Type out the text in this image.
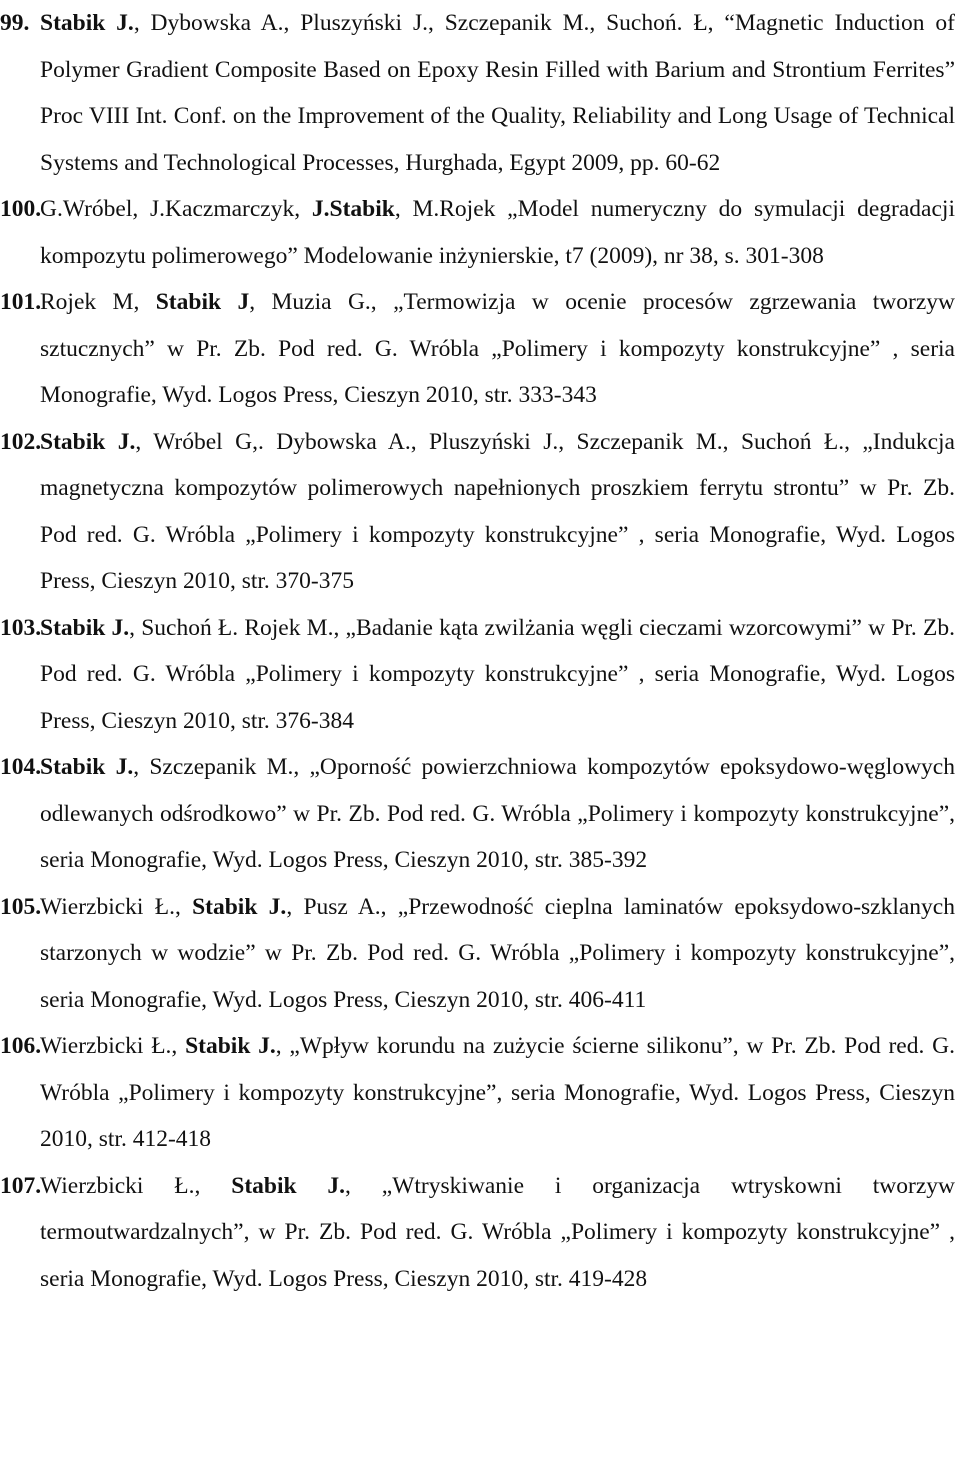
99. Stabik J., Dybowska A., Pluszyński J., Szczepanik M., Suchoń. Ł, “Magnetic Induction of Polymer Gradient Composite Based on Epoxy Resin Filled with Barium and Strontium Ferrites” Proc VIII Int. Conf. on the Improvement of the Quality, Reliability and Long Usage of Technical Systems and Technological Processes, Hurghada, Egypt 2009, pp. 60-62

100.G.Wróbel, J.Kaczmarczyk, J.Stabik, M.Rojek „Model numeryczny do symulacji degradacji kompozytu polimerowego” Modelowanie inżynierskie, t7 (2009), nr 38, s. 301-308

101.Rojek M, Stabik J, Muzia G., „Termowizja w ocenie procesów zgrzewania tworzyw sztucznych” w Pr. Zb. Pod red. G. Wróbla „Polimery i kompozyty konstrukcyjne” , seria Monografie, Wyd. Logos Press, Cieszyn 2010, str. 333-343

102.Stabik J., Wróbel G,. Dybowska A., Pluszyński J., Szczepanik M., Suchoń Ł., „Indukcja magnetyczna kompozytów polimerowych napełnionych proszkiem ferrytu strontu” w Pr. Zb. Pod red. G. Wróbla „Polimery i kompozyty konstrukcyjne” , seria Monografie, Wyd. Logos Press, Cieszyn 2010, str. 370-375

103.Stabik J., Suchoń Ł. Rojek M., „Badanie kąta zwilżania węgli cieczami wzorcowymi” w Pr. Zb. Pod red. G. Wróbla „Polimery i kompozyty konstrukcyjne” , seria Monografie, Wyd. Logos Press, Cieszyn 2010, str. 376-384

104.Stabik J., Szczepanik M., „Oporność powierzchniowa kompozytów epoksydowo-węglowych odlewanych odśrodkowo” w Pr. Zb. Pod red. G. Wróbla „Polimery i kompozyty konstrukcyjne”, seria Monografie, Wyd. Logos Press, Cieszyn 2010, str. 385-392

105.Wierzbicki Ł., Stabik J., Pusz A., „Przewodność cieplna laminatów epoksydowo-szklanych starzonych w wodzie” w Pr. Zb. Pod red. G. Wróbla „Polimery i kompozyty konstrukcyjne”, seria Monografie, Wyd. Logos Press, Cieszyn 2010, str. 406-411

106.Wierzbicki Ł., Stabik J., „Wpływ korundu na zużycie ścierne silikonu”, w Pr. Zb. Pod red. G. Wróbla „Polimery i kompozyty konstrukcyjne”, seria Monografie, Wyd. Logos Press, Cieszyn 2010, str. 412-418

107.Wierzbicki Ł., Stabik J., „Wtryskiwanie i organizacja wtryskowni tworzyw termoutwardzalnych”, w Pr. Zb. Pod red. G. Wróbla „Polimery i kompozyty konstrukcyjne” , seria Monografie, Wyd. Logos Press, Cieszyn 2010, str. 419-428
